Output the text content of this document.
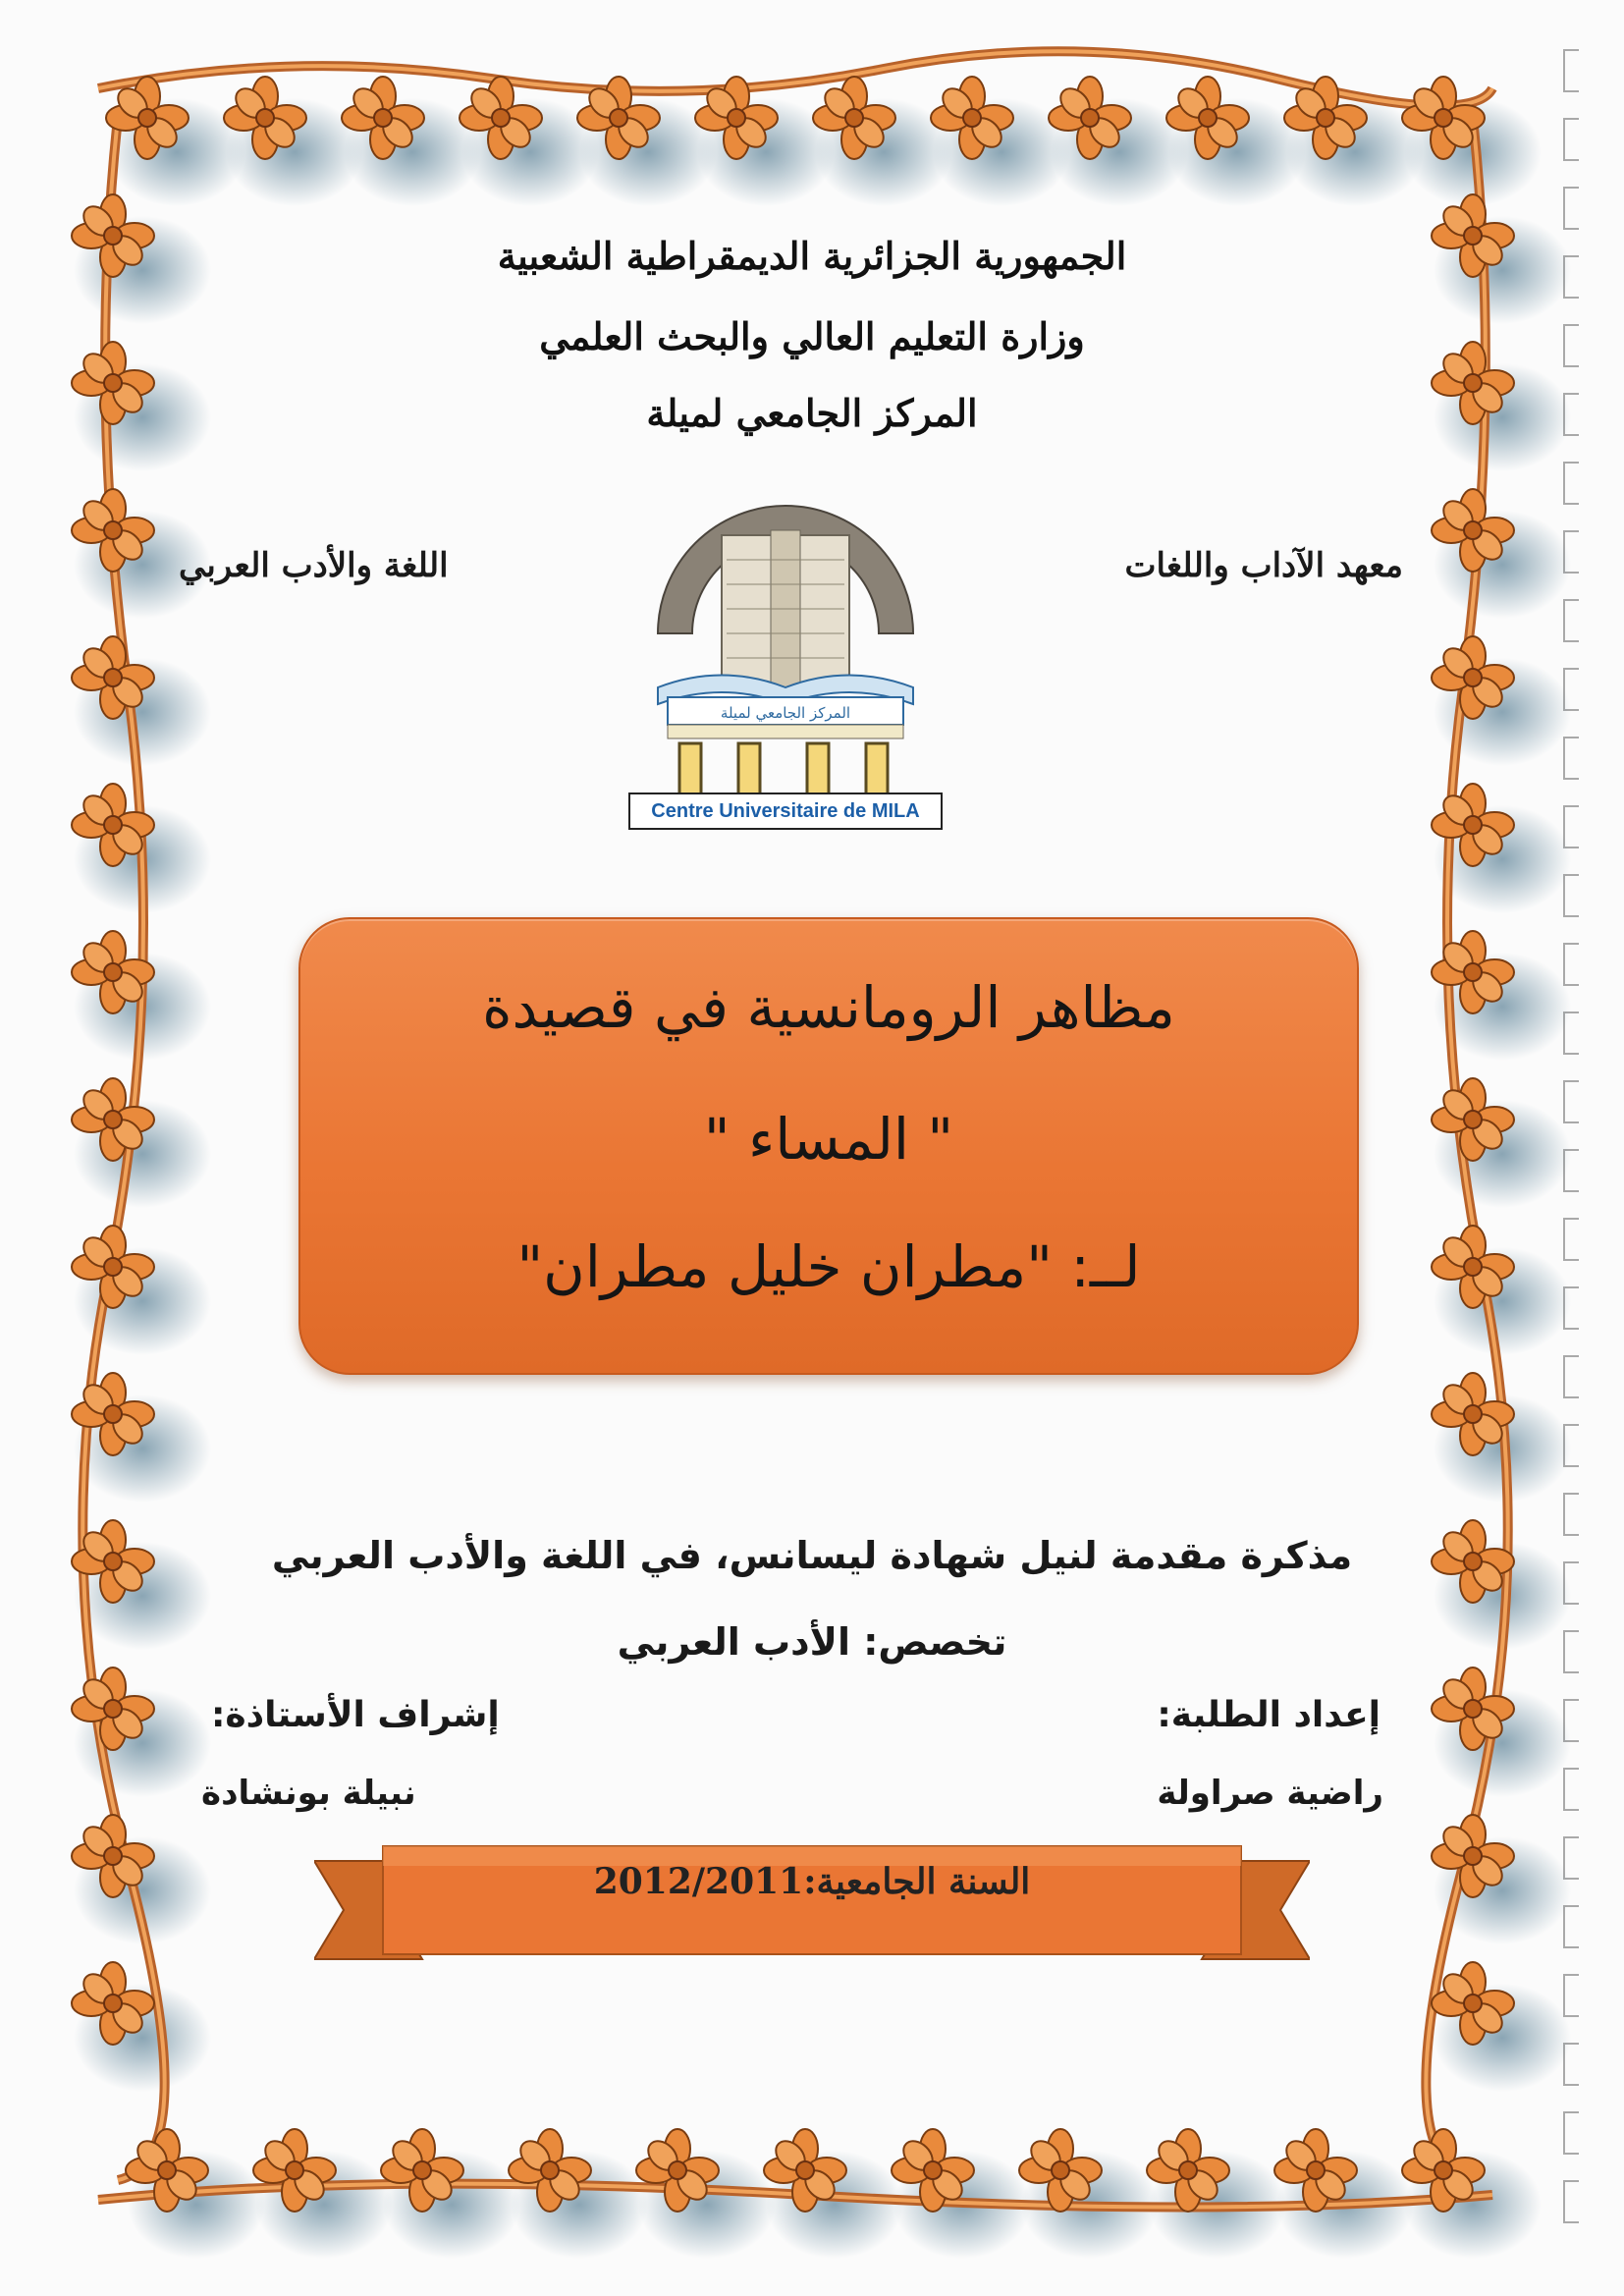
الجمهورية الجزائرية الديمقراطية الشعبية
وزارة التعليم العالي والبحث العلمي
المركز الجامعي لميلة
معهد الآداب واللغات
اللغة والأدب العربي
المركز الجامعي لميلة
Centre Universitaire de MILA
مظاهر الرومانسية في قصيدة
" المساء "
لــ: "مطران خليل مطران"
مذكرة مقدمة لنيل شهادة ليسانس، في اللغة والأدب العربي
تخصص: الأدب العربي
إعداد الطلبة:
راضية صراولة
إشراف الأستاذة:
نبيلة بونشادة
السنة الجامعية:2012/2011
